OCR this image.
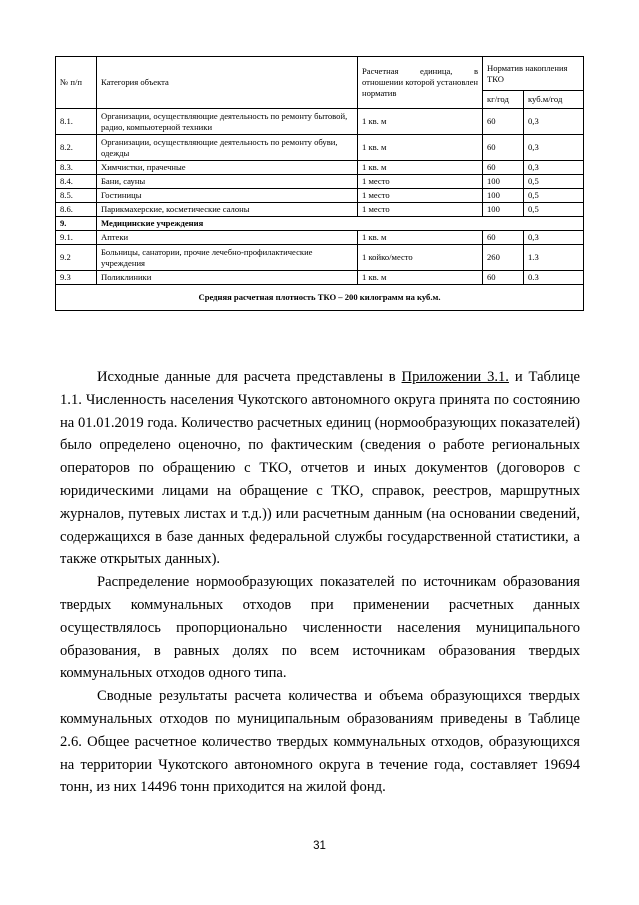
№ п/п	Категория объекта	Расчетная единица, в отношении которой установлен норматив	Норматив накопления ТКО	
			кг/год	куб.м/год
8.1.	Организации, осуществляющие деятельность по ремонту бытовой, радио, компьютерной техники	1 кв. м	60	0,3
8.2.	Организации, осуществляющие деятельность по ремонту обуви, одежды	1 кв. м	60	0,3
8.3.	Химчистки, прачечные	1 кв. м	60	0,3
8.4.	Бани, сауны	1 место	100	0,5
8.5.	Гостиницы	1 место	100	0,5
8.6.	Парикмахерские, косметические салоны	1 место	100	0,5
9.	Медицинские учреждения			
9.1.	Аптеки	1 кв. м	60	0,3
9.2	Больницы, санатории, прочие лечебно-профилактические учреждения	1 койко/место	260	1.3
9.3	Поликлиники	1 кв. м	60	0.3
Средняя расчетная плотность ТКО – 200 килограмм на куб.м.				

Исходные данные для расчета представлены в Приложении 3.1. и Таблице 1.1. Численность населения Чукотского автономного округа принята по состоянию на 01.01.2019 года. Количество расчетных единиц (нормообразующих показателей) было определено оценочно, по фактическим (сведения о работе региональных операторов по обращению с ТКО, отчетов и иных документов (договоров с юридическими лицами на обращение с ТКО, справок, реестров, маршрутных журналов, путевых листах и т.д.)) или расчетным данным (на основании сведений, содержащихся в базе данных федеральной службы государственной статистики, а также открытых данных).

Распределение нормообразующих показателей по источникам образования твердых коммунальных отходов при применении расчетных данных осуществлялось пропорционально численности населения муниципального образования, в равных долях по всем источникам образования твердых коммунальных отходов одного типа.

Сводные результаты расчета количества и объема образующихся твердых коммунальных отходов по муниципальным образованиям приведены в Таблице 2.6. Общее расчетное количество твердых коммунальных отходов, образующихся на территории Чукотского автономного округа в течение года, составляет 19694 тонн, из них 14496 тонн приходится на жилой фонд.

31
